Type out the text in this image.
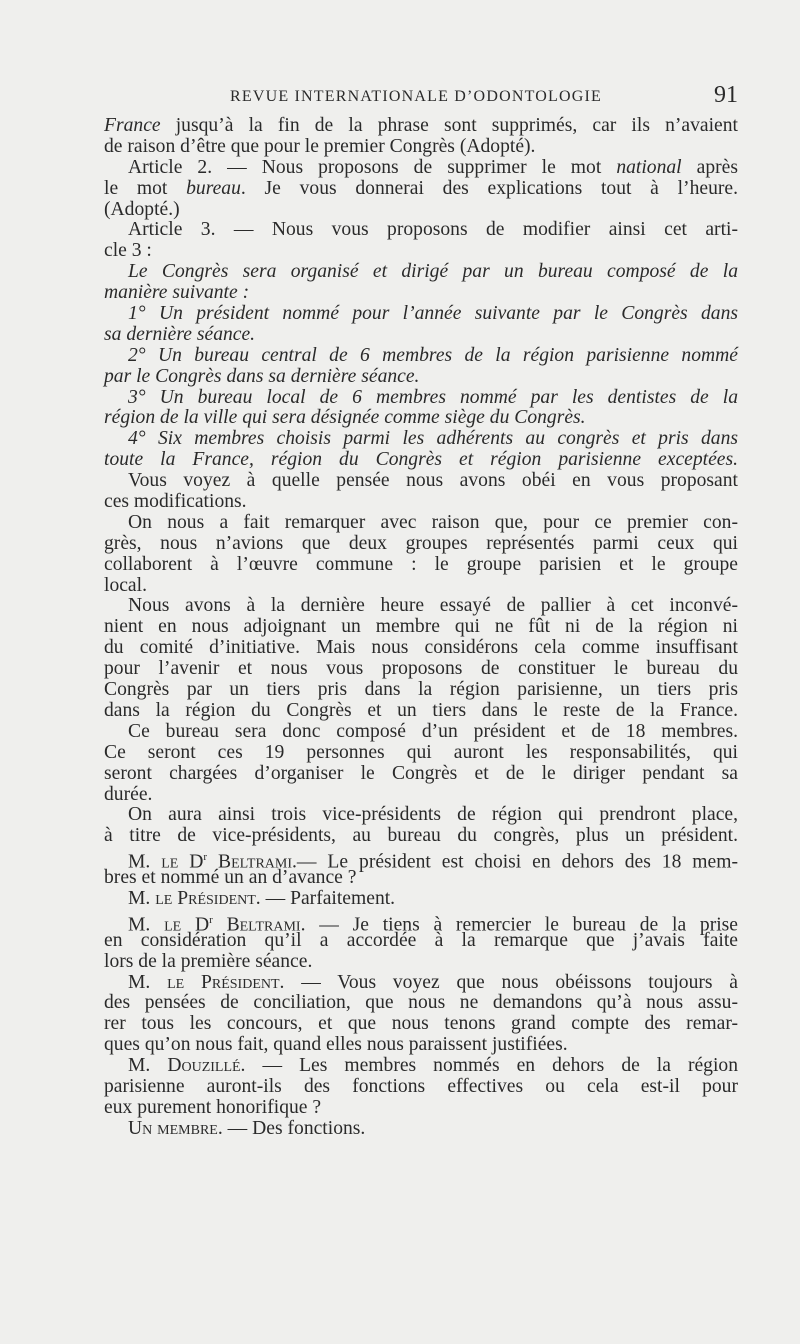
REVUE INTERNATIONALE D’ODONTOLOGIE	91
France jusqu’à la fin de la phrase sont supprimés, car ils n’avaient
de raison d’être que pour le premier Congrès (Adopté).
Article 2. — Nous proposons de supprimer le mot national après
le mot bureau. Je vous donnerai des explications tout à l’heure.
(Adopté.)
Article 3. — Nous vous proposons de modifier ainsi cet arti-
cle 3 :
Le Congrès sera organisé et dirigé par un bureau composé de la
manière suivante :
1° Un président nommé pour l’année suivante par le Congrès dans
sa dernière séance.
2° Un bureau central de 6 membres de la région parisienne nommé
par le Congrès dans sa dernière séance.
3° Un bureau local de 6 membres nommé par les dentistes de la
région de la ville qui sera désignée comme siège du Congrès.
4° Six membres choisis parmi les adhérents au congrès et pris dans
toute la France, région du Congrès et région parisienne exceptées.
Vous voyez à quelle pensée nous avons obéi en vous proposant
ces modifications.
On nous a fait remarquer avec raison que, pour ce premier con-
grès, nous n’avions que deux groupes représentés parmi ceux qui
collaborent à l’œuvre commune : le groupe parisien et le groupe
local.
Nous avons à la dernière heure essayé de pallier à cet inconvé-
nient en nous adjoignant un membre qui ne fût ni de la région ni
du comité d’initiative. Mais nous considérons cela comme insuffisant
pour l’avenir et nous vous proposons de constituer le bureau du
Congrès par un tiers pris dans la région parisienne, un tiers pris
dans la région du Congrès et un tiers dans le reste de la France.
Ce bureau sera donc composé d’un président et de 18 membres.
Ce seront ces 19 personnes qui auront les responsabilités, qui
seront chargées d’organiser le Congrès et de le diriger pendant sa
durée.
On aura ainsi trois vice-présidents de région qui prendront place,
à titre de vice-présidents, au bureau du congrès, plus un président.
M. le $D^r$ Beltrami.— Le président est choisi en dehors des 18 mem-
bres et nommé un an d’avance ?
M. le Président. — Parfaitement.
M. le $D^r$ Beltrami. — Je tiens à remercier le bureau de la prise
en considération qu’il a accordée à la remarque que j’avais faite
lors de la première séance.
M. le Président. — Vous voyez que nous obéissons toujours à
des pensées de conciliation, que nous ne demandons qu’à nous assu-
rer tous les concours, et que nous tenons grand compte des remar-
ques qu’on nous fait, quand elles nous paraissent justifiées.
M. Douzillé. — Les membres nommés en dehors de la région
parisienne auront-ils des fonctions effectives ou cela est-il pour
eux purement honorifique ?
Un membre. — Des fonctions.
